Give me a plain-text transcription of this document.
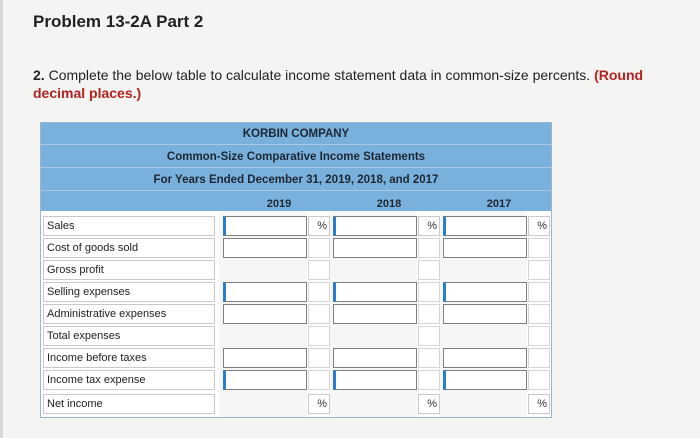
Problem 13-2A Part 2
2. Complete the below table to calculate income statement data in common-size percents. (Round decimal places.)
KORBIN COMPANY
Common-Size Comparative Income Statements
For Years Ended December 31, 2019, 2018, and 2017
2019	2018	2017
Sales	%	%	%
Cost of goods sold
Gross profit
Selling expenses
Administrative expenses
Total expenses
Income before taxes
Income tax expense
Net income	%	%	%
